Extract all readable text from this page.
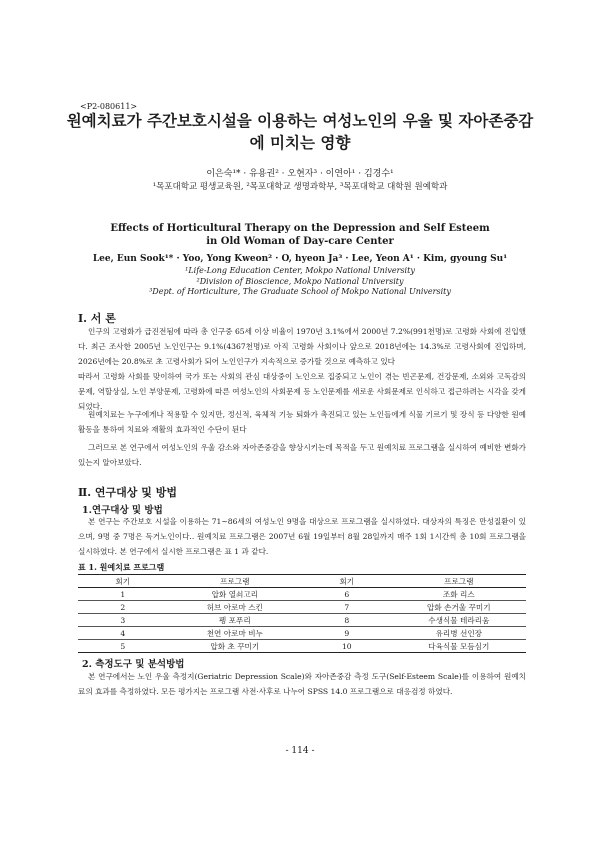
<P2-080611>
원예치료가 주간보호시설을 이용하는 여성노인의 우울 및 자아존중감에 미치는 영향
이은숙¹* · 유용권² · 오현자³ · 이연아¹ · 김경수¹
¹목포대학교 평생교육원, ²목포대학교 생명과학부, ³목포대학교 대학원 원예학과
Effects of Horticultural Therapy on the Depression and Self Esteem
in Old Woman of Day-care Center
Lee, Eun Sook¹* · Yoo, Yong Kweon² · O, hyeon Ja³ · Lee, Yeon A¹ · Kim, gyoung Su¹
¹Life-Long Education Center, Mokpo National University
²Division of Bioscience, Mokpo National University
³Dept. of Horticulture, The Graduate School of Mokpo National University
Ⅰ. 서 론
인구의 고령화가 급진전됨에 따라 총 인구중 65세 이상 비율이 1970년 3.1%에서 2000년 7.2%(991천명)로 고령화 사회에 진입했다. 최근 조사한 2005년 노인인구는 9.1%(4367천명)로 아직 고령화 사회이나 앞으로 2018년에는 14.3%로 고령사회에 진입하며, 2026년에는 20.8%로 초 고령사회가 되어 노인인구가 지속적으로 증가할 것으로 예측하고 있다
따라서 고령화 사회를 맞이하여 국가 또는 사회의 관심 대상중이 노인으로 집중되고 노인이 겪는 빈곤문제, 건강문제, 소외와 고독감의 문제, 역할상실, 노인 부양문제, 고령화에 따른 여성노인의 사회문제 등 노인문제를 새로운 사회문제로 인식하고 접근하려는 시각을 갖게 되었다.
원예치료는 누구에게나 적용할 수 있지만, 정신적, 육체적 기능 퇴화가 촉진되고 있는 노인들에게 식물 기르기 및 장식 등 다양한 원예활동을 통하여 치료와 재활의 효과적인 수단이 된다
그러므로 본 연구에서 여성노인의 우울 감소와 자아존중감을 향상시키는데 목적을 두고 원예치료 프로그램을 실시하여 예비한 변화가 있는지 알아보았다.
Ⅱ. 연구대상 및 방법
1.연구대상 및 방법
본 연구는 주간보호 시설을 이용하는 71~86세의 여성노인 9명을 대상으로 프로그램을 실시하였다. 대상자의 특징은 만성질환이 있으며, 9명 중 7명은 독거노인이다.. 원예치료 프로그램은 2007년 6월 19일부터 8월 28일까지 매주 1회 1시간씩 총 10회 프로그램을 실시하였다. 본 연구에서 실시한 프로그램은 표 1 과 같다.
표 1. 원예치료 프로그램
회기	프로그램	회기	프로그램
1	압화 열쇠고리	6	조화 리스
2	허브 아로마 스킨	7	압화 손거울 꾸미기
3	펭 포푸리	8	수생식물 테라리움
4	천연 아로마 비누	9	유리병 선인장
5	압화 초 꾸미기	10	다육식물 모듬심기
2. 측정도구 및 분석방법
본 연구에서는 노인 우울 측정지(Geriatric Depression Scale)와 자아존중감 측정 도구(Self-Esteem Scale)를 이용하여 원예치료의 효과를 측정하였다. 모든 평가지는 프로그램 사전·사후로 나누어 SPSS 14.0 프로그램으로 대응검정 하였다.
- 114 -
